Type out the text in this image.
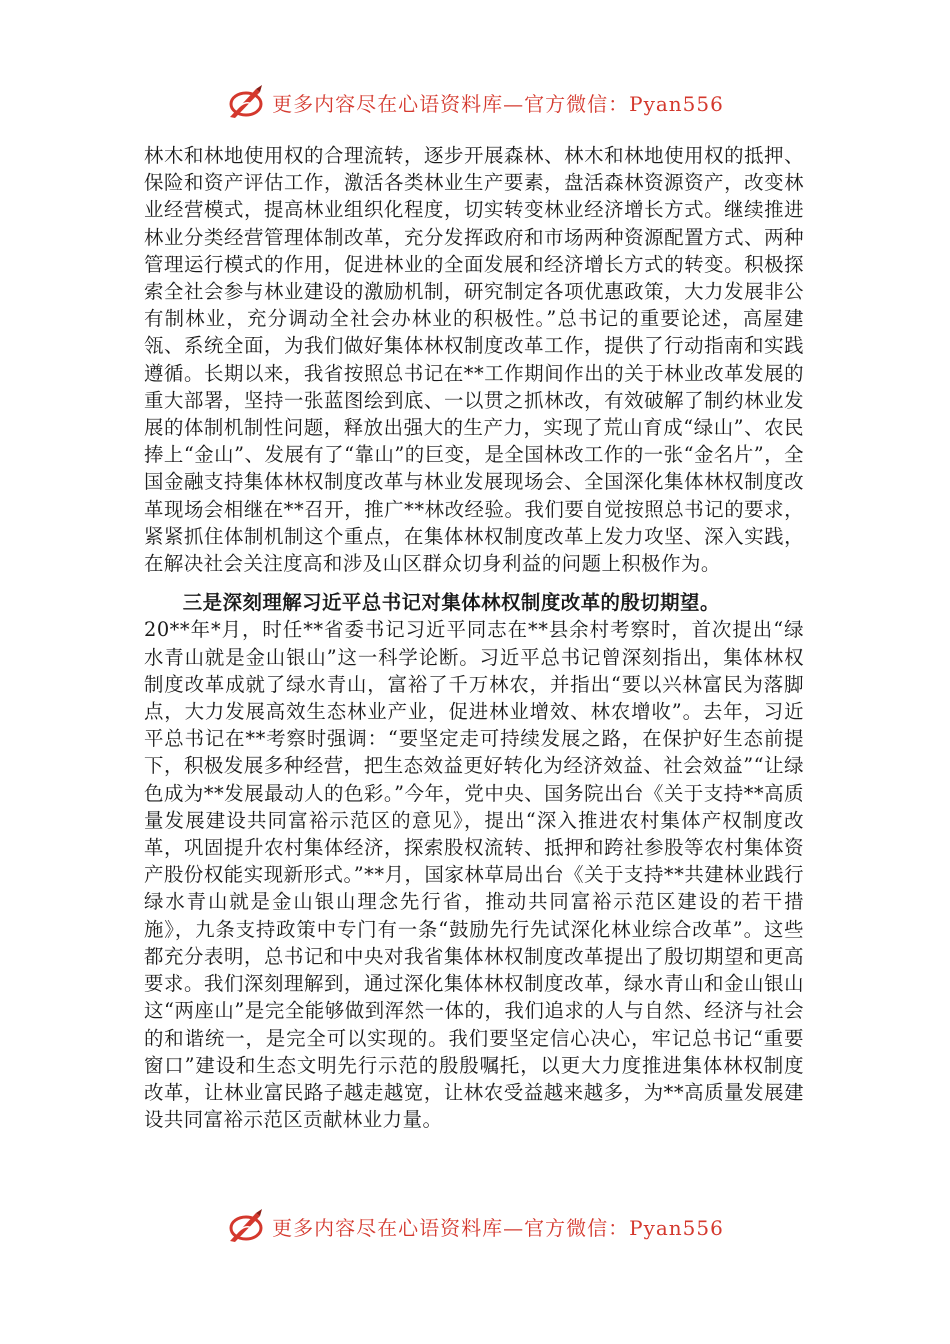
更多内容尽在心语资料库—官方微信：Pyan556

林木和林地使用权的合理流转，逐步开展森林、林木和林地使用权的抵押、保险和资产评估工作，激活各类林业生产要素，盘活森林资源资产，改变林业经营模式，提高林业组织化程度，切实转变林业经济增长方式。继续推进林业分类经营管理体制改革，充分发挥政府和市场两种资源配置方式、两种管理运行模式的作用，促进林业的全面发展和经济增长方式的转变。积极探索全社会参与林业建设的激励机制，研究制定各项优惠政策，大力发展非公有制林业，充分调动全社会办林业的积极性。”总书记的重要论述，高屋建瓴、系统全面，为我们做好集体林权制度改革工作，提供了行动指南和实践遵循。长期以来，我省按照总书记在**工作期间作出的关于林业改革发展的重大部署，坚持一张蓝图绘到底、一以贯之抓林改，有效破解了制约林业发展的体制机制性问题，释放出强大的生产力，实现了荒山育成“绿山”、农民捧上“金山”、发展有了“靠山”的巨变，是全国林改工作的一张“金名片”，全国金融支持集体林权制度改革与林业发展现场会、全国深化集体林权制度改革现场会相继在**召开，推广**林改经验。我们要自觉按照总书记的要求，紧紧抓住体制机制这个重点，在集体林权制度改革上发力攻坚、深入实践，在解决社会关注度高和涉及山区群众切身利益的问题上积极作为。

三是深刻理解习近平总书记对集体林权制度改革的殷切期望。

20**年*月，时任**省委书记习近平同志在**县余村考察时，首次提出“绿水青山就是金山银山”这一科学论断。习近平总书记曾深刻指出，集体林权制度改革成就了绿水青山，富裕了千万林农，并指出“要以兴林富民为落脚点，大力发展高效生态林业产业，促进林业增效、林农增收”。去年，习近平总书记在**考察时强调：“要坚定走可持续发展之路，在保护好生态前提下，积极发展多种经营，把生态效益更好转化为经济效益、社会效益”“让绿色成为**发展最动人的色彩。”今年，党中央、国务院出台《关于支持**高质量发展建设共同富裕示范区的意见》，提出“深入推进农村集体产权制度改革，巩固提升农村集体经济，探索股权流转、抵押和跨社参股等农村集体资产股份权能实现新形式。”**月，国家林草局出台《关于支持**共建林业践行绿水青山就是金山银山理念先行省，推动共同富裕示范区建设的若干措施》，九条支持政策中专门有一条“鼓励先行先试深化林业综合改革”。这些都充分表明，总书记和中央对我省集体林权制度改革提出了殷切期望和更高要求。我们深刻理解到，通过深化集体林权制度改革，绿水青山和金山银山这“两座山”是完全能够做到浑然一体的，我们追求的人与自然、经济与社会的和谐统一，是完全可以实现的。我们要坚定信心决心，牢记总书记“重要窗口”建设和生态文明先行示范的殷殷嘱托，以更大力度推进集体林权制度改革，让林业富民路子越走越宽，让林农受益越来越多，为**高质量发展建设共同富裕示范区贡献林业力量。

更多内容尽在心语资料库—官方微信：Pyan556
